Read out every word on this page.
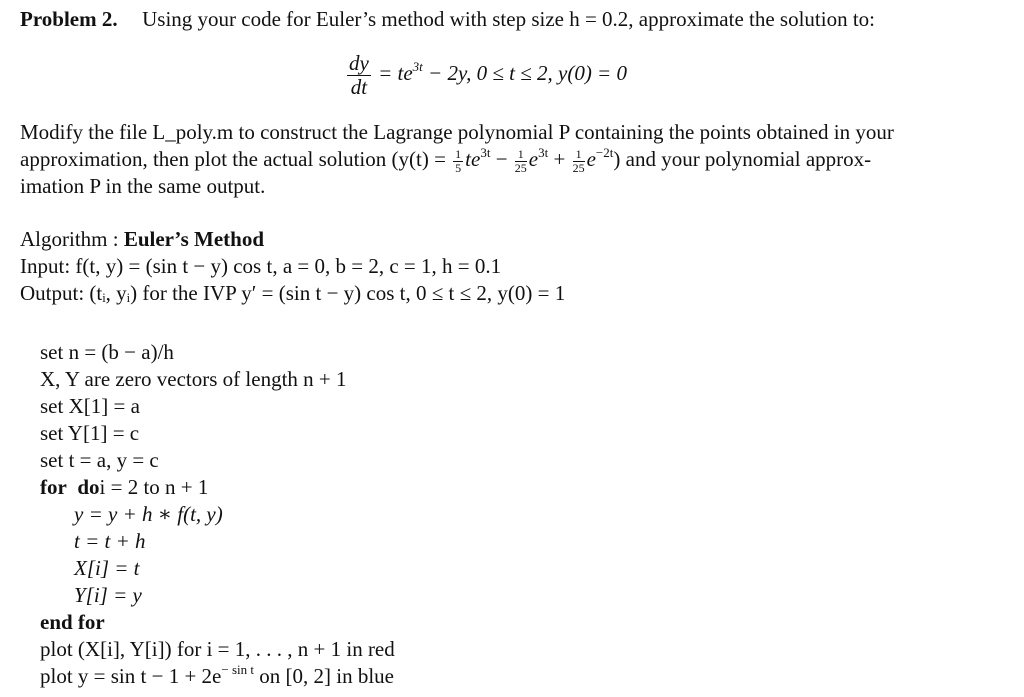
Problem 2. Using your code for Euler’s method with step size h = 0.2, approximate the solution to:
$\frac{dy}{dt} = te^{3t} - 2y$, 0 ≤ t ≤ 2, y(0) = 0
Modify the file L_poly.m to construct the Lagrange polynomial P containing the points obtained in your
approximation, then plot the actual solution $(y(t) = \frac{1}{5} te^{3t} - \frac{1}{25} e^{3t} + \frac{1}{25} e^{-2t})$ and your polynomial approx-
imation P in the same output.
Algorithm : Euler’s Method
Input: f(t, y) = (sin t − y) cos t, a = 0, b = 2, c = 1, h = 0.1
Output: (tᵢ, yᵢ) for the IVP y′ = (sin t − y) cos t, 0 ≤ t ≤ 2, y(0) = 1
set n = (b − a)/h
X, Y are zero vectors of length n + 1
set X[1] = a
set Y[1] = c
set t = a, y = c
for doi = 2 to n + 1
y = y + h ∗ f(t, y)
t = t + h
X[i] = t
Y[i] = y
end for
plot (X[i], Y[i]) for i = 1, . . . , n + 1 in red
plot $y = \sin t - 1 + 2e^{- sin t}$ on [0, 2] in blue
